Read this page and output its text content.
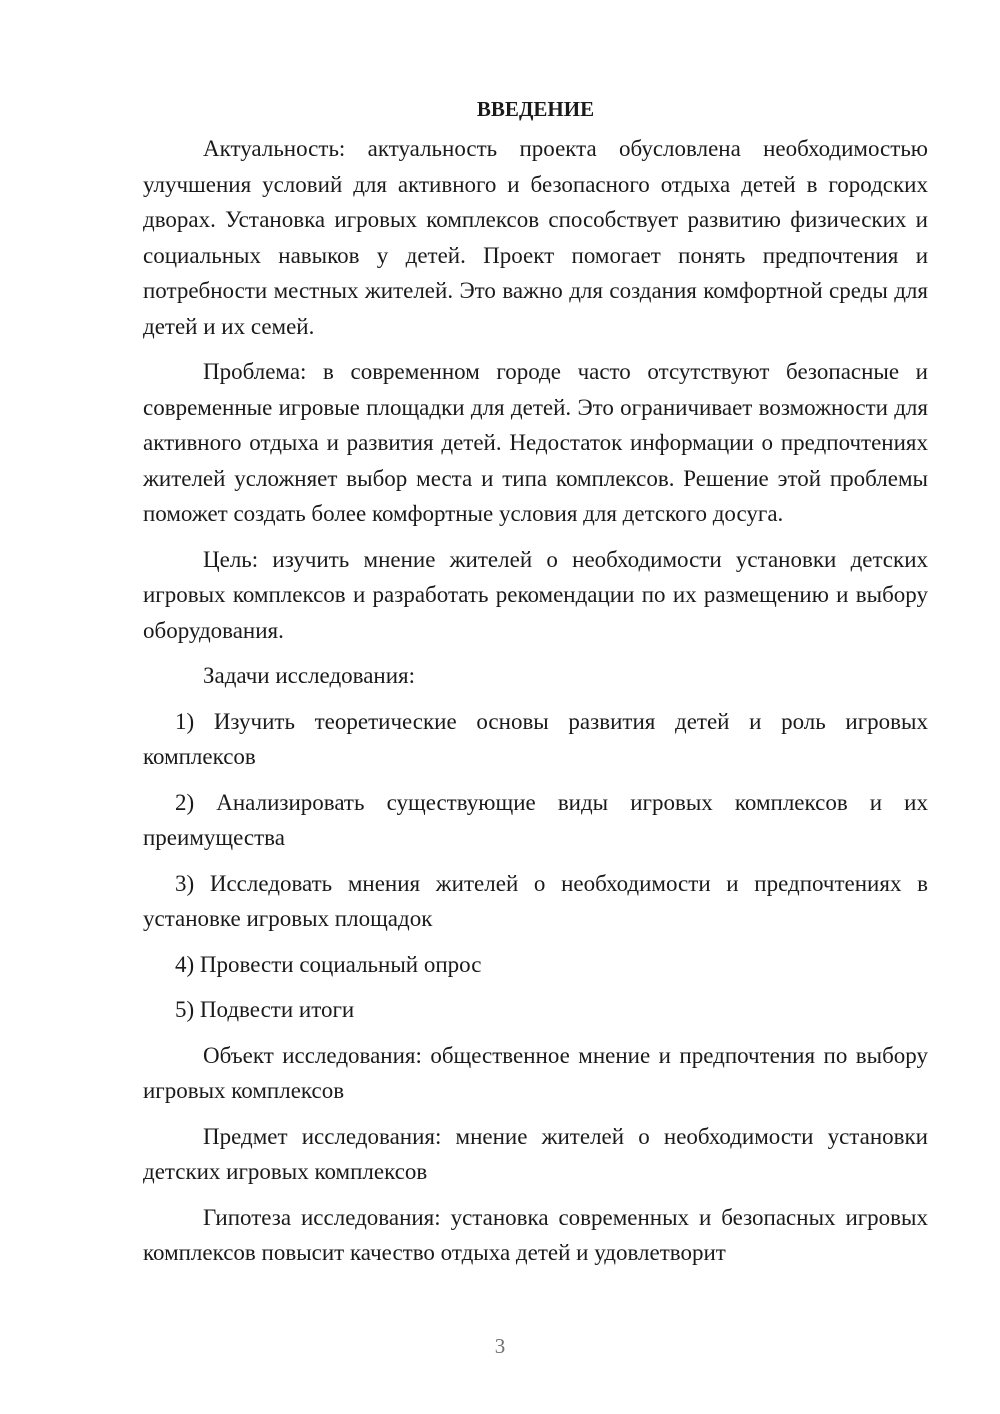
ВВЕДЕНИЕ

Актуальность: актуальность проекта обусловлена необходимостью улучшения условий для активного и безопасного отдыха детей в городских дворах. Установка игровых комплексов способствует развитию физических и социальных навыков у детей. Проект помогает понять предпочтения и потребности местных жителей. Это важно для создания комфортной среды для детей и их семей.

Проблема: в современном городе часто отсутствуют безопасные и современные игровые площадки для детей. Это ограничивает возможности для активного отдыха и развития детей. Недостаток информации о предпочтениях жителей усложняет выбор места и типа комплексов. Решение этой проблемы поможет создать более комфортные условия для детского досуга.

Цель: изучить мнение жителей о необходимости установки детских игровых комплексов и разработать рекомендации по их размещению и выбору оборудования.

Задачи исследования:

1) Изучить теоретические основы развития детей и роль игровых комплексов

2) Анализировать существующие виды игровых комплексов и их преимущества

3) Исследовать мнения жителей о необходимости и предпочтениях в установке игровых площадок

4) Провести социальный опрос

5) Подвести итоги

Объект исследования: общественное мнение и предпочтения по выбору игровых комплексов

Предмет исследования: мнение жителей о необходимости установки детских игровых комплексов

Гипотеза исследования: установка современных и безопасных игровых комплексов повысит качество отдыха детей и удовлетворит

3
